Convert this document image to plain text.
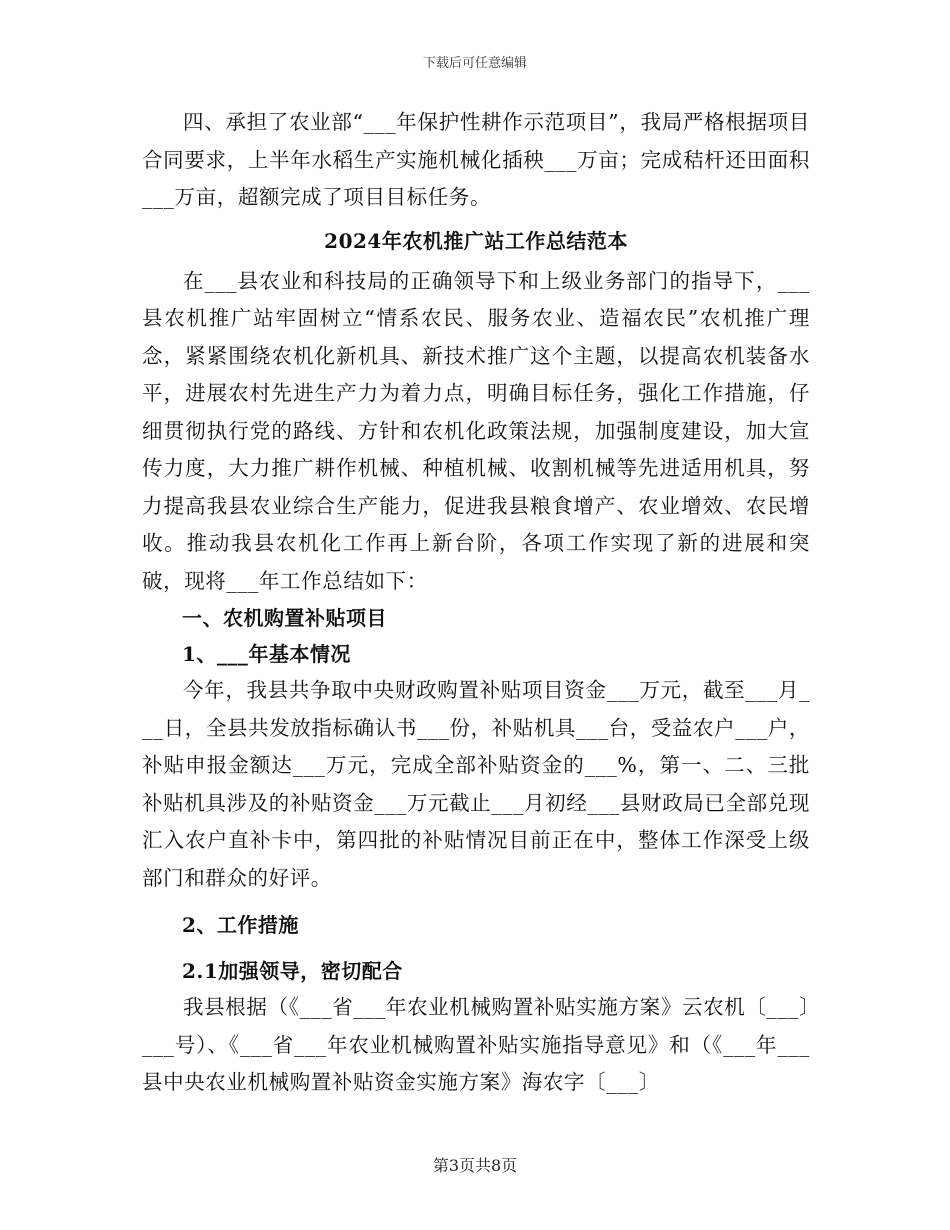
下载后可任意编辑

四、承担了农业部“___年保护性耕作示范项目”，我局严格根据项目合同要求，上半年水稻生产实施机械化插秧___万亩；完成秸杆还田面积___万亩，超额完成了项目目标任务。

2024年农机推广站工作总结范本

在___县农业和科技局的正确领导下和上级业务部门的指导下，___县农机推广站牢固树立“情系农民、服务农业、造福农民”农机推广理念，紧紧围绕农机化新机具、新技术推广这个主题，以提高农机装备水平，进展农村先进生产力为着力点，明确目标任务，强化工作措施，仔细贯彻执行党的路线、方针和农机化政策法规，加强制度建设，加大宣传力度，大力推广耕作机械、种植机械、收割机械等先进适用机具，努力提高我县农业综合生产能力，促进我县粮食增产、农业增效、农民增收。推动我县农机化工作再上新台阶，各项工作实现了新的进展和突破，现将___年工作总结如下：

一、农机购置补贴项目
1、___年基本情况

今年，我县共争取中央财政购置补贴项目资金___万元，截至___月___日，全县共发放指标确认书___份，补贴机具___台，受益农户___户，补贴申报金额达___万元，完成全部补贴资金的___%，第一、二、三批补贴机具涉及的补贴资金___万元截止___月初经___县财政局已全部兑现汇入农户直补卡中，第四批的补贴情况目前正在中，整体工作深受上级部门和群众的好评。

2、工作措施
2.1加强领导，密切配合

我县根据（《___省___年农业机械购置补贴实施方案》云农机〔___〕___号）、《___省___年农业机械购置补贴实施指导意见》和（《___年___县中央农业机械购置补贴资金实施方案》海农字〔___〕

第3页共8页
